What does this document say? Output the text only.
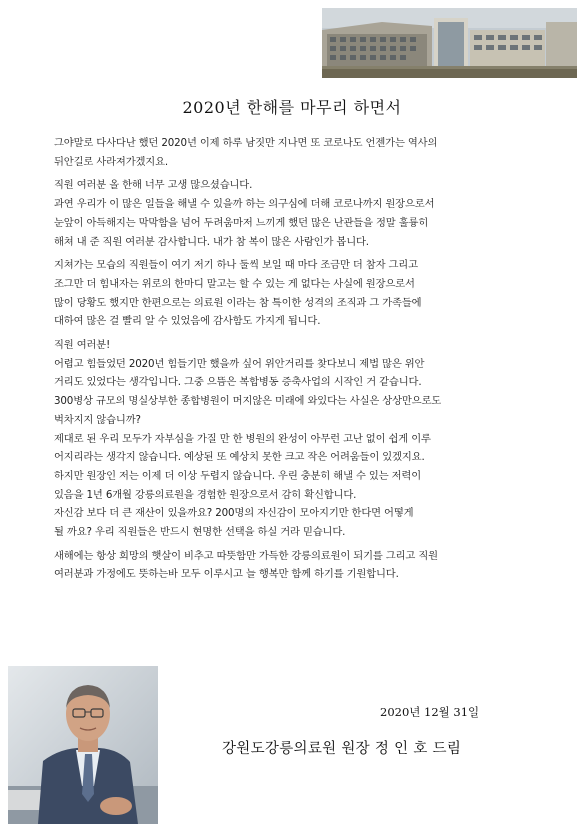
2020년 한해를 마무리 하면서
그야말로 다사다난 했던 2020년 이제 하루 남짓만 지나면 또 코로나도 언젠가는 역사의
뒤안길로 사라져가겠지요.
직원 여러분 올 한해 너무 고생 많으셨습니다.
과연 우리가 이 많은 일들을 해낼 수 있을까 하는 의구심에 더해 코로나까지 원장으로서
눈앞이 아득해지는 막막함을 넘어 두려움마저 느끼게 했던 많은 난관들을 정말 훌륭히
해쳐 내 준 직원 여러분 감사합니다. 내가 참 복이 많은 사람인가 봅니다.
지쳐가는 모습의 직원들이 여기 저기 하나 둘씩 보일 때 마다 조금만 더 참자 그리고
조그만 더 힘내자는 위로의 한마디 말고는 할 수 있는 게 없다는 사실에 원장으로서
많이 당황도 했지만 한편으로는 의료원 이라는 참 특이한 성격의 조직과 그 가족들에
대하여 많은 걸 빨리 알 수 있었음에 감사함도 가지게 됩니다.
직원 여러분!
어렵고 힘들었던 2020년 힘들기만 했을까 싶어 위안거리를 찾다보니 제법 많은 위안
거리도 있었다는 생각입니다. 그중 으뜸은 복합병동 증축사업의 시작인 거 같습니다.
300병상 규모의 명실상부한 종합병원이 머지않은 미래에 와있다는 사실은 상상만으로도
벅차지지 않습니까?
제대로 된 우리 모두가 자부심을 가질 만 한 병원의 완성이 아무런 고난 없이 쉽게 이루
어지리라는 생각지 않습니다. 예상된 또 예상치 못한 크고 작은 어려움들이 있겠지요.
하지만 원장인 저는 이제 더 이상 두렵지 않습니다. 우린 충분히 해낼 수 있는 저력이
있음을 1년 6개월 강릉의료원을 경험한 원장으로서 감히 확신합니다.
자신감 보다 더 큰 재산이 있을까요? 200명의 자신감이 모아지기만 한다면 어떻게
될 까요? 우리 직원들은 반드시 현명한 선택을 하실 거라 믿습니다.
새해에는 항상 희망의 햇살이 비추고 따뜻함만 가득한 강릉의료원이 되기를 그리고 직원
여러분과 가정에도 뜻하는바 모두 이루시고 늘 행복만 함께 하기를 기원합니다.
2020년 12월 31일
강원도강릉의료원 원장 정 인 호 드림
